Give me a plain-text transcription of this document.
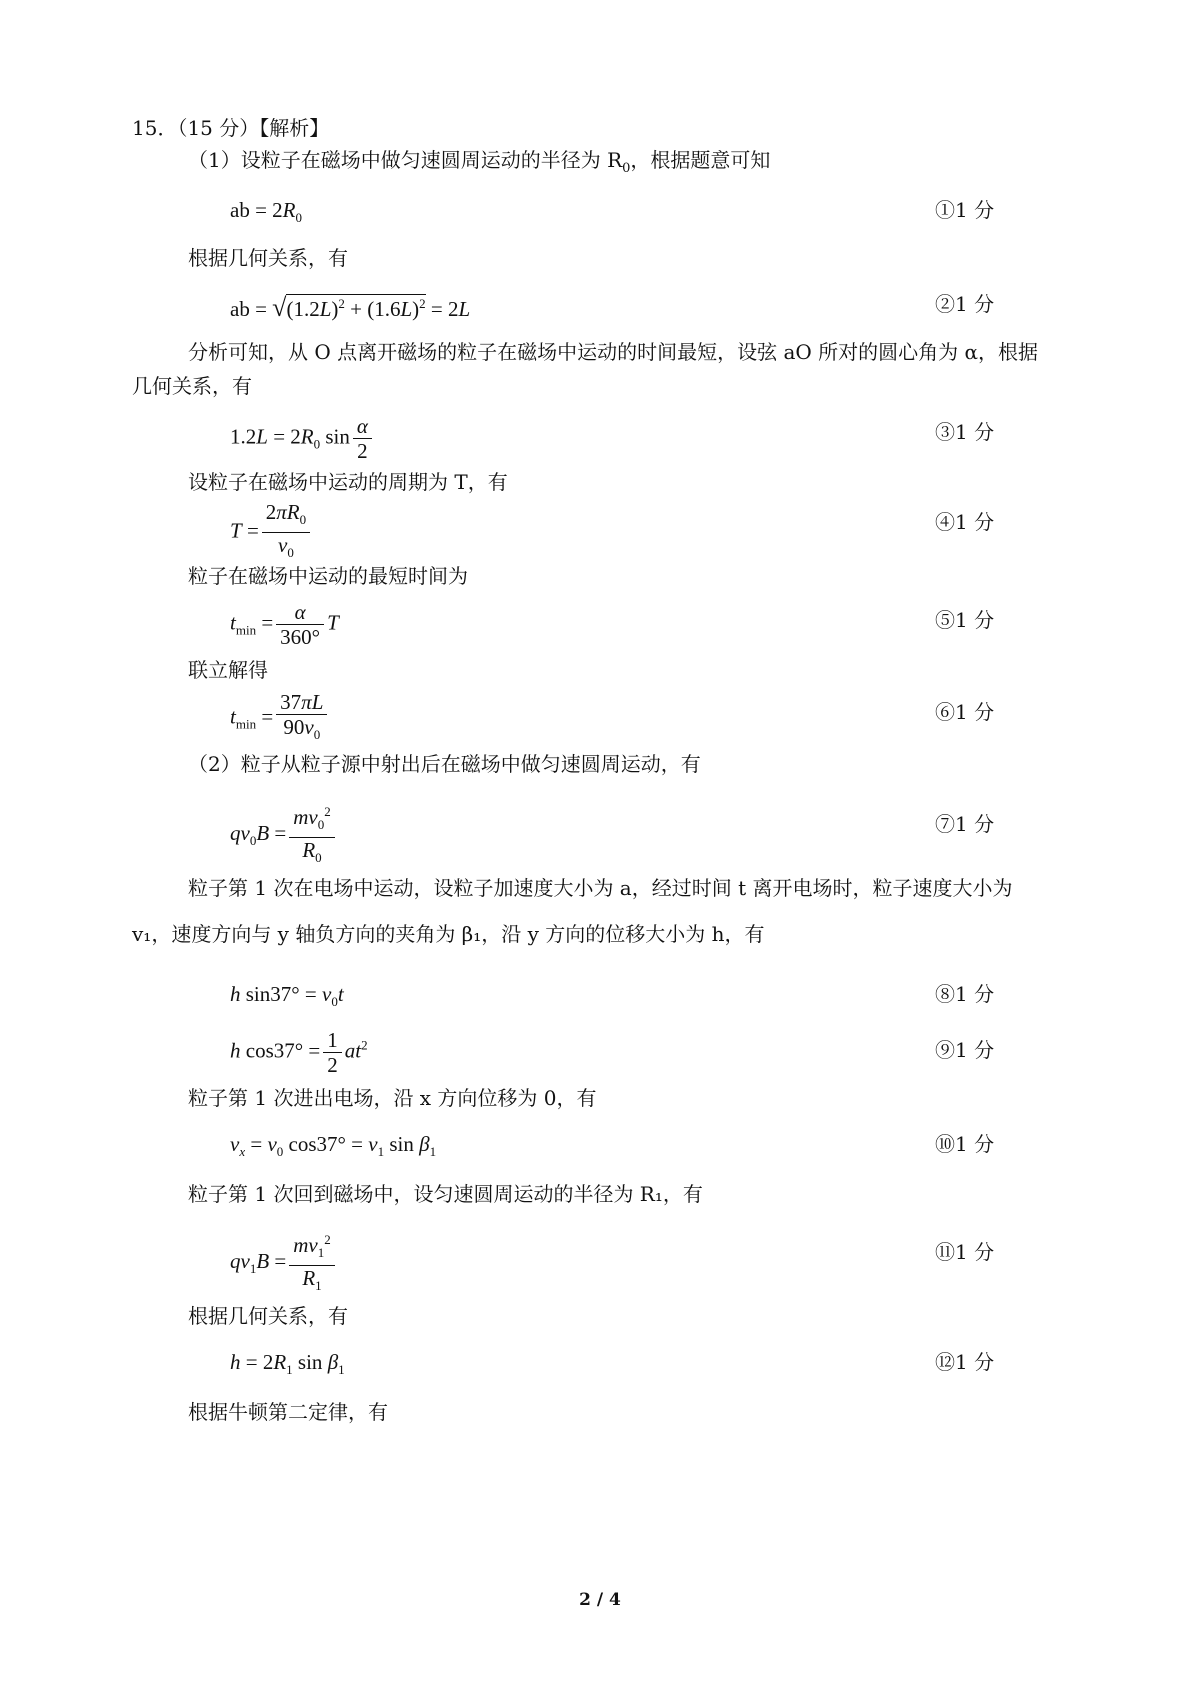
15．（15 分）【解析】
（1）设粒子在磁场中做匀速圆周运动的半径为 $R_0$，根据题意可知
ab = $2R_0$	①1 分
根据几何关系，有
ab = $√(1.2L)^2 + (1.6L)^2 = 2L$	②1 分
分析可知，从 O 点离开磁场的粒子在磁场中运动的时间最短，设弦 aO 所对的圆心角为 α，根据
几何关系，有
$1.2L = 2R_0$ $\sin \frac{\alpha}{2}$	③1 分
设粒子在磁场中运动的周期为 T，有
$T = \frac{2\pi R_0}{v_0}$	④1 分
粒子在磁场中运动的最短时间为
$t_{min} = \frac{\alpha}{360^\circ}$ T	⑤1 分
联立解得
$t_{min} = \frac{37\pi L}{90v_0}$	⑥1 分
（2）粒子从粒子源中射出后在磁场中做匀速圆周运动，有
$qv_0B = \frac{mv_0^2}{R_0}$	⑦1 分
粒子第 1 次在电场中运动，设粒子加速度大小为 a，经过时间 t 离开电场时，粒子速度大小为
v₁，速度方向与 y 轴负方向的夹角为 β₁，沿 y 方向的位移大小为 h，有
h $\sin 37^\circ = v_0t$	⑧1 分
h $\cos 37^\circ = \frac{1}{2} at^2$	⑨1 分
粒子第 1 次进出电场，沿 x 方向位移为 0，有
$v_x = v_0$ $\cos 37^\circ = v_1$ $\sin \beta_1$	⑩1 分
粒子第 1 次回到磁场中，设匀速圆周运动的半径为 R₁，有
$qv_1B = \frac{mv_1^2}{R_1}$	⑪1 分
根据几何关系，有
$h = 2R_1$ $\sin \beta_1$	⑫1 分
根据牛顿第二定律，有
2 / 4
